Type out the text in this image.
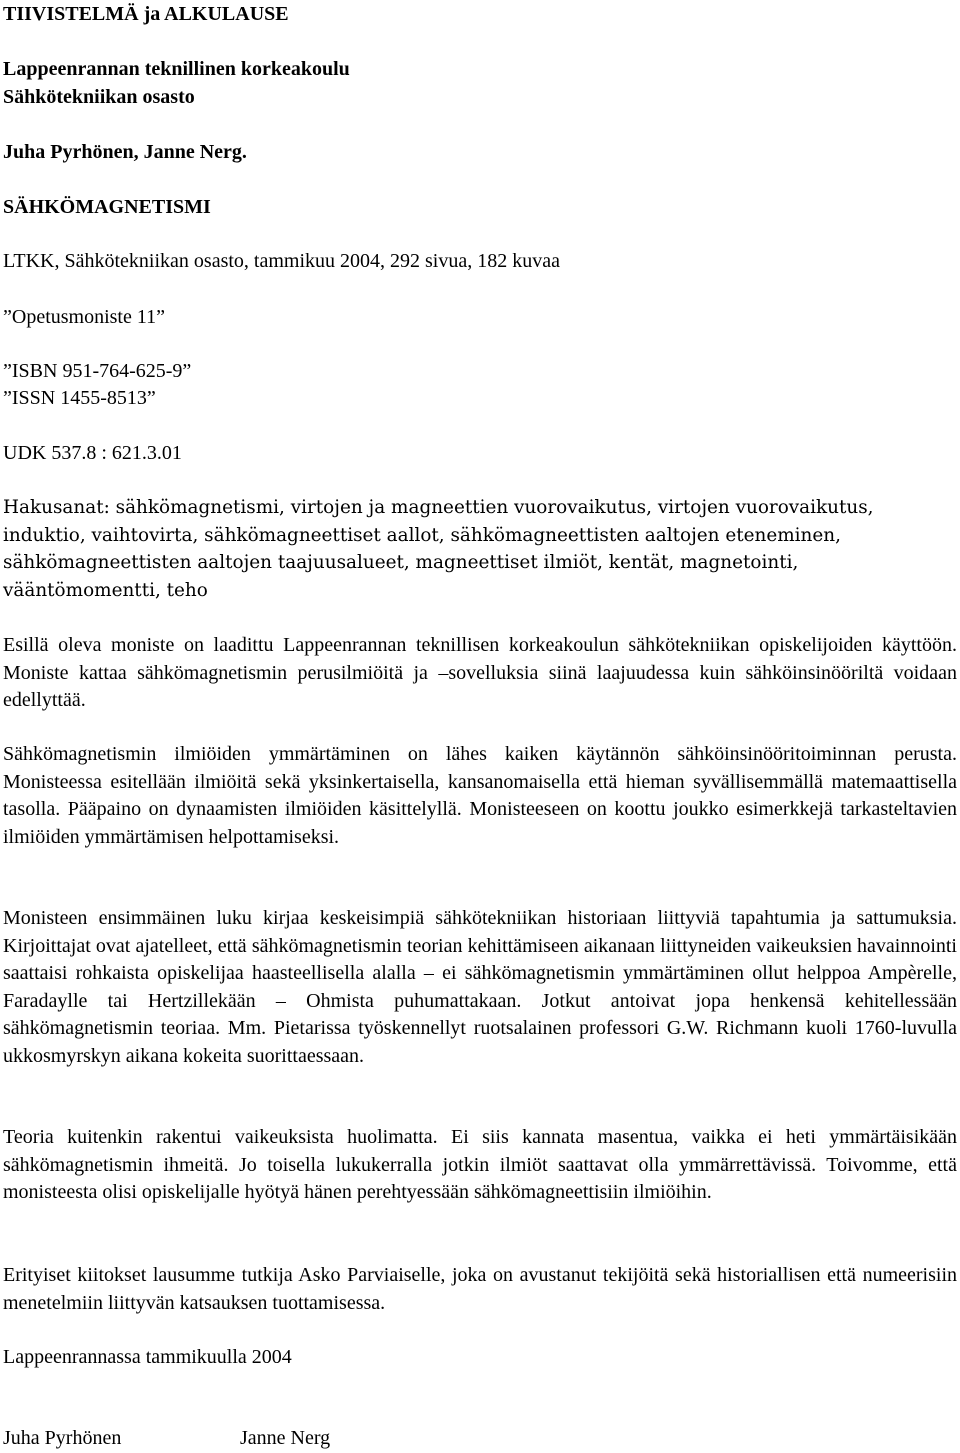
TIIVISTELMÄ ja ALKULAUSE
Lappeenrannan teknillinen korkeakoulu
Sähkötekniikan osasto
Juha Pyrhönen, Janne Nerg.
SÄHKÖMAGNETISMI
LTKK, Sähkötekniikan osasto, tammikuu 2004, 292 sivua, 182 kuvaa
”Opetusmoniste 11”
”ISBN 951-764-625-9”
”ISSN 1455-8513”
UDK 537.8 : 621.3.01
Hakusanat: sähkömagnetismi, virtojen ja magneettien vuorovaikutus, virtojen vuorovaikutus, induktio, vaihtovirta, sähkömagneettiset aallot, sähkömagneettisten aaltojen eteneminen, sähkömagneettisten aaltojen taajuusalueet, magneettiset ilmiöt, kentät, magnetointi, vääntömomentti, teho
Esillä oleva moniste on laadittu Lappeenrannan teknillisen korkeakoulun sähkötekniikan opiskelijoiden käyttöön. Moniste kattaa sähkömagnetismin perusilmiöitä ja –sovelluksia siinä laajuudessa kuin sähköinsinööriltä voidaan edellyttää.
Sähkömagnetismin ilmiöiden ymmärtäminen on lähes kaiken käytännön sähköinsinööritoiminnan perusta. Monisteessa esitellään ilmiöitä sekä yksinkertaisella, kansanomaisella että hieman syvällisemmällä matemaattisella tasolla. Pääpaino on dynaamisten ilmiöiden käsittelyllä. Monisteeseen on koottu joukko esimerkkejä tarkasteltavien ilmiöiden ymmärtämisen helpottamiseksi.
Monisteen ensimmäinen luku kirjaa keskeisimpiä sähkötekniikan historiaan liittyviä tapahtumia ja sattumuksia. Kirjoittajat ovat ajatelleet, että sähkömagnetismin teorian kehittämiseen aikanaan liittyneiden vaikeuksien havainnointi saattaisi rohkaista opiskelijaa haasteellisella alalla – ei sähkömagnetismin ymmärtäminen ollut helppoa Ampèrelle, Faradaylle tai Hertzillekään – Ohmista puhumattakaan. Jotkut antoivat jopa henkensä kehitellessään sähkömagnetismin teoriaa. Mm. Pietarissa työskennellyt ruotsalainen professori G.W. Richmann kuoli 1760-luvulla ukkosmyrskyn aikana kokeita suorittaessaan.
Teoria kuitenkin rakentui vaikeuksista huolimatta. Ei siis kannata masentua, vaikka ei heti ymmärtäisikään sähkömagnetismin ihmeitä. Jo toisella lukukerralla jotkin ilmiöt saattavat olla ymmärrettävissä. Toivomme, että monisteesta olisi opiskelijalle hyötyä hänen perehtyessään sähkömagneettisiin ilmiöihin.
Erityiset kiitokset lausumme tutkija Asko Parviaiselle, joka on avustanut tekijöitä sekä historiallisen että numeerisiin menetelmiin liittyvän katsauksen tuottamisessa.
Lappeenrannassa tammikuulla 2004
Juha Pyrhönen	Janne Nerg
